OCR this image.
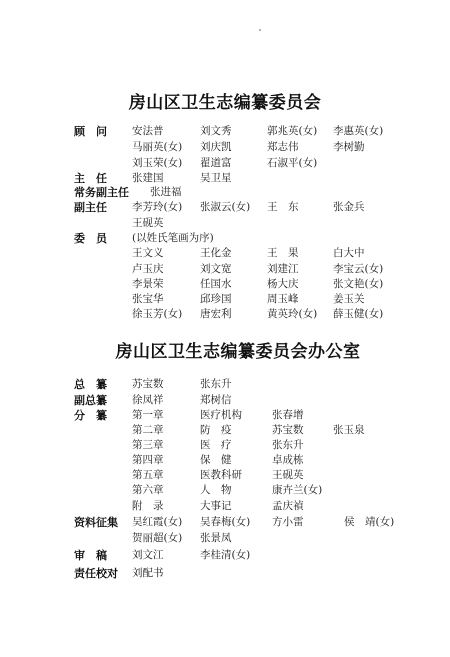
房山区卫生志编纂委员会
顾　问 安法普	刘文秀	郭兆英(女) 李惠英(女)
马丽英(女) 刘庆凯	郑志伟	李树勤
刘玉荣(女) 翟道富	石淑平(女)
主　任 张建国	吴卫星
常务副主任 张进福
副主任 李芳玲(女) 张淑云(女) 王　东	张金兵
王砚英
委　员 (以姓氏笔画为序)
王文义	王化金	王　果	白大中
卢玉庆	刘文宽	刘建江	李宝云(女)
李景荣	任国水	杨大庆	张文艳(女)
张宝华	邱珍国	周玉峰	姜玉关
徐玉芳(女) 唐宏利	黄英玲(女) 薛玉健(女)
房山区卫生志编纂委员会办公室
总　纂 苏宝数	张东升
副总纂 徐凤祥	郑树信
分　纂 第一章	医疗机构	张春增
第二章	防　疫	苏宝数	张玉泉
第三章	医　疗	张东升
第四章	保　健	卓成栋
第五章	医教科研	王砚英
第六章	人　物	康卉兰(女)
附　录	大事记	孟庆禎
资料征集 吴红霞(女) 吴春梅(女) 方小雷	侯　靖(女)
贺丽超(女) 张景凤
审　稿 刘文江	李桂清(女)
责任校对 刘配书
